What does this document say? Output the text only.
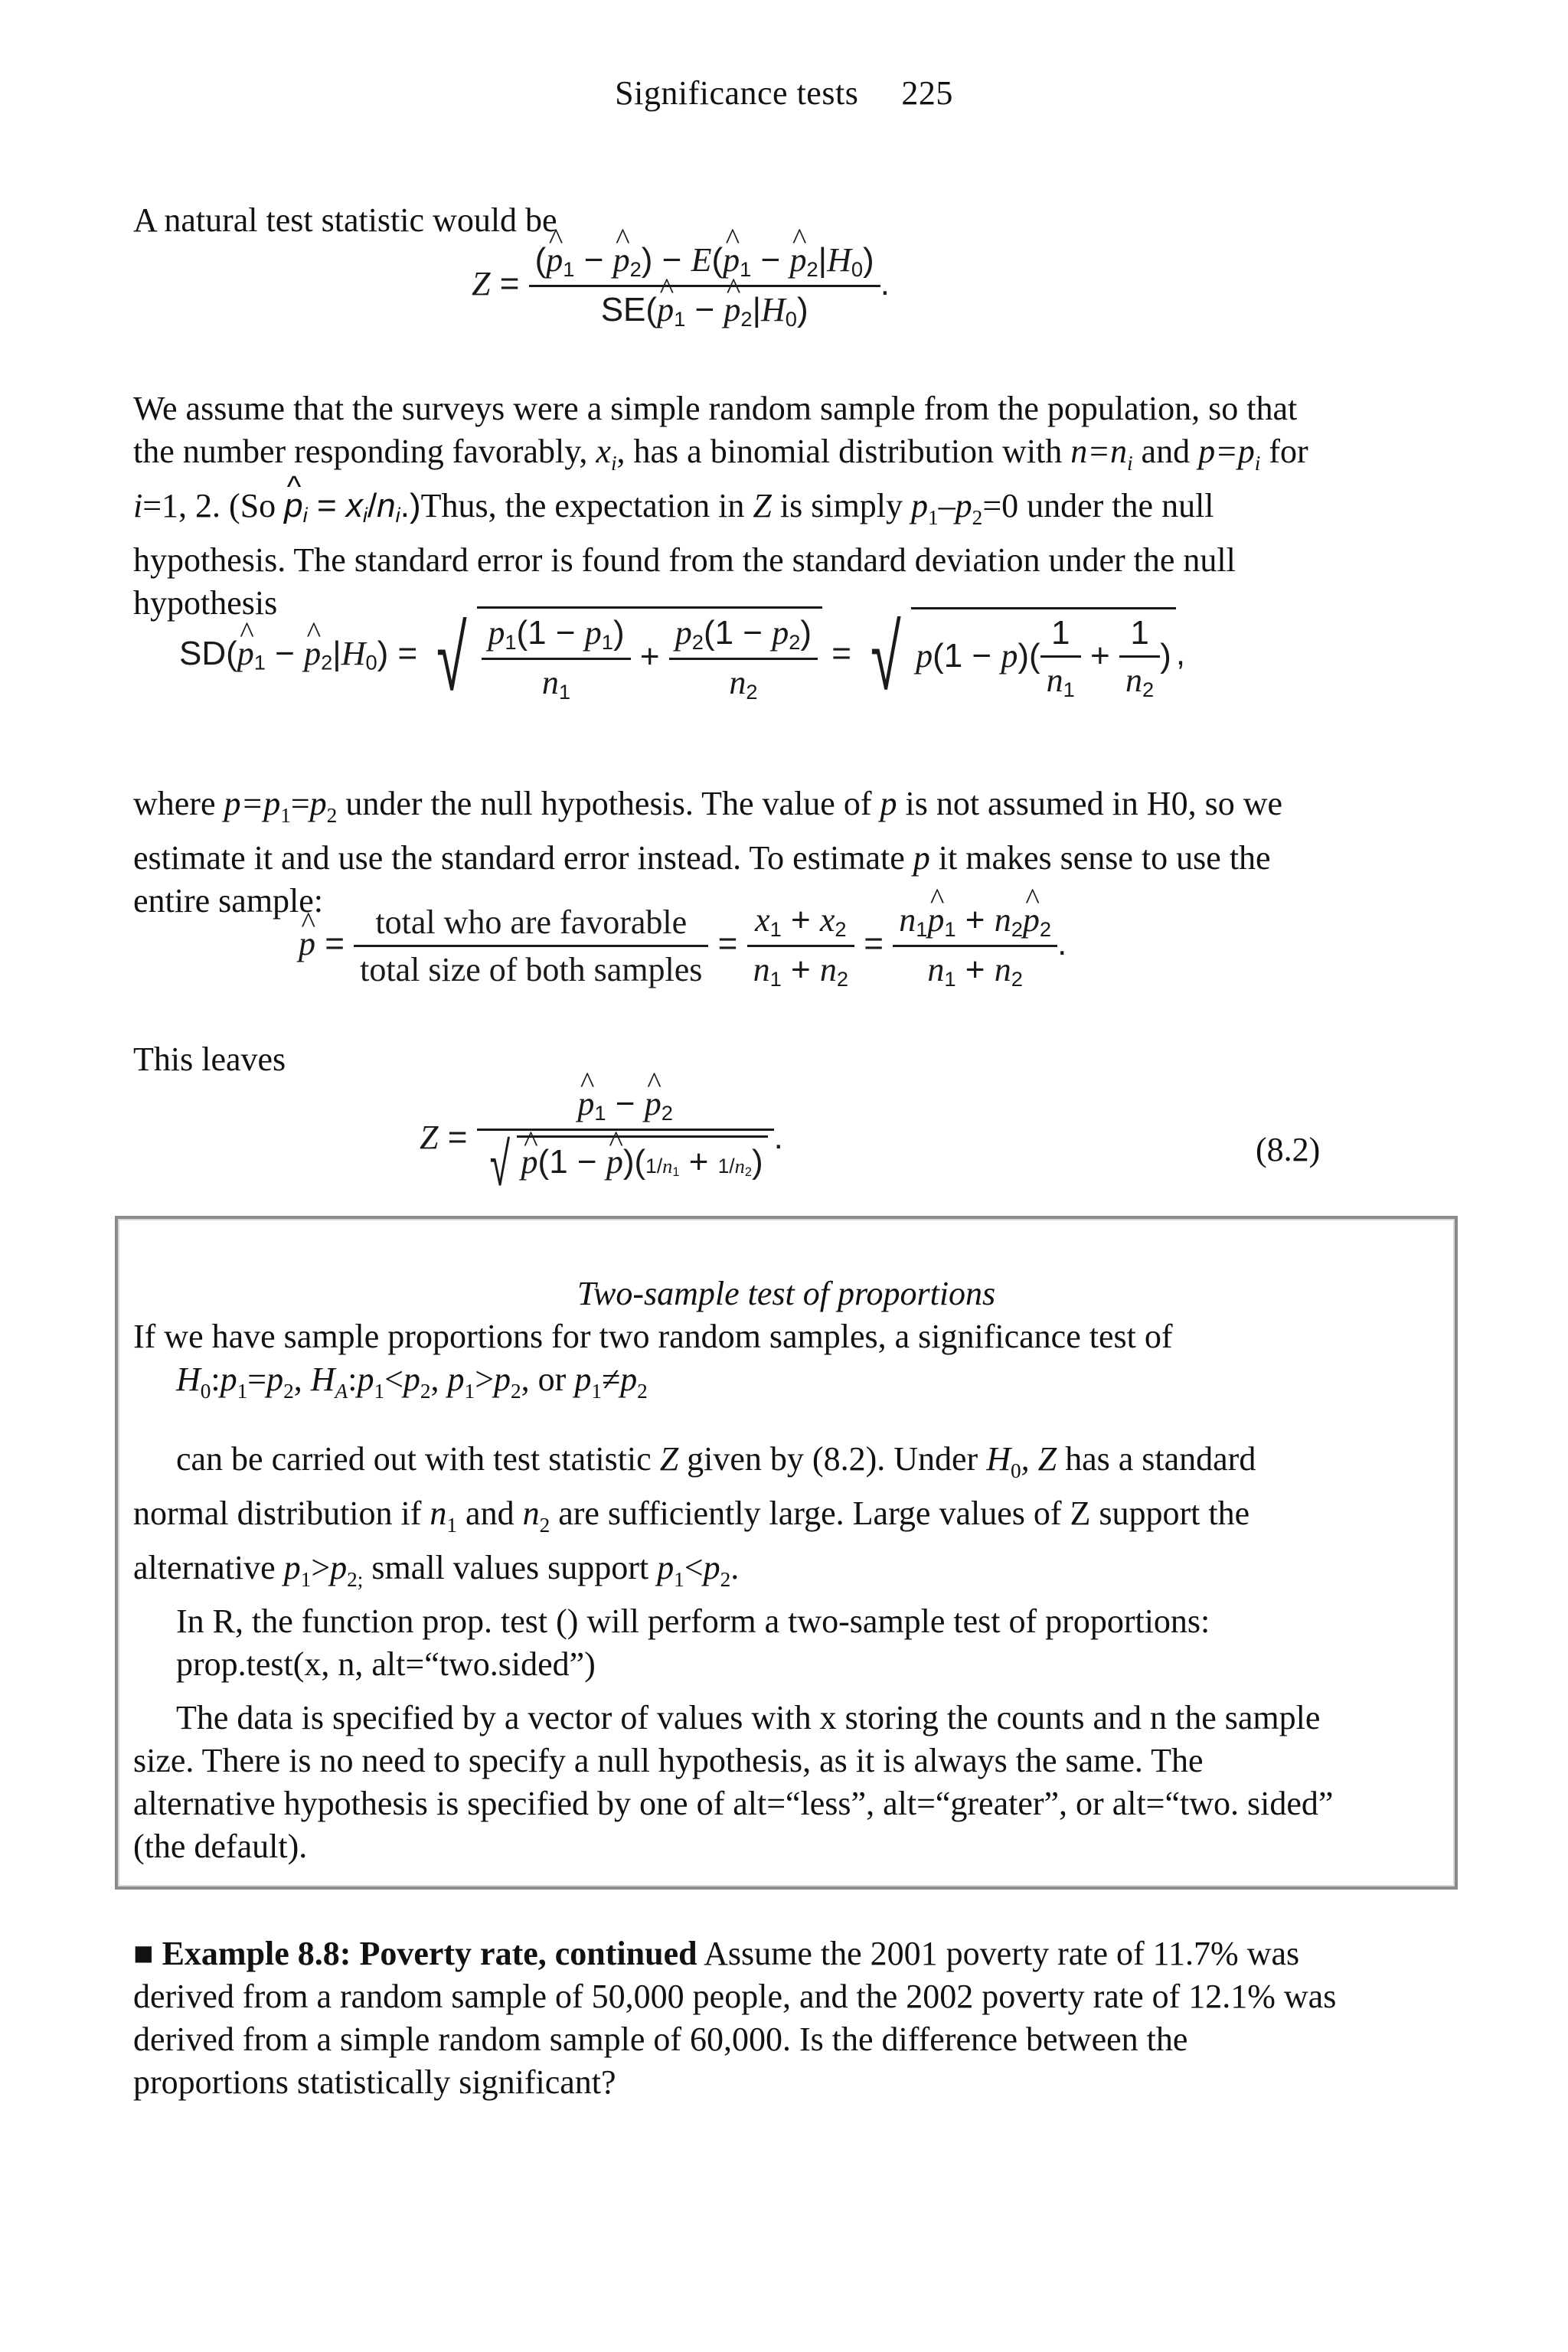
Significance tests 225
A natural test statistic would be
$Z = \frac{(\^{} p_1 - \^{} p_2) - E(\^{} p_1 - \^{} p_2|H_0)}{SE(\^{} p_1 - \^{} p_2|H_0)}$ .
We assume that the surveys were a simple random sample from the population, so that
the number responding favorably, $x_i$, has a binomial distribution with $n=n_i$ and $p=p_i$ for
i=1, 2. (So ^ $p_i$ = $x_i/n_i.)Thus$, the expectation in Z is simply $p_1-p_2=0$ under the null
hypothesis. The standard error is found from the standard deviation under the null
hypothesis
SD(^ $p_1$ − ^ $p_2|H_0$) = √ $\frac{p_1(1 - p_1)}{n_1} + \frac{p_2(1 - p_2)}{n_2}$ = √ $p(1 - p)( \frac{1}{n_1} + \frac{1}{n_2}$ ),
where $p=p_1=p_2$ under the null hypothesis. The value of p is not assumed in H0, so we
estimate it and use the standard error instead. To estimate p it makes sense to use the
entire sample:
^ $p = \frac{\text{total who are favorable}}{\text{total size of both samples}} = \frac{x_1 + x_2}{n_1 + n_2} = \frac{n_1\^{} p_1 + n_2\^{} p_2}{n_1 + n_2}$ .
This leaves
Z = ^ $\frac{p_1 - \^{} p_2}{√ \^{} p(1 - \^{} p)(1/n_1 + 1/n_2)}$ .	(8.2)
Two-sample test of proportions
If we have sample proportions for two random samples, a significance test of
$H_0:p_1=p_2$, $H_A:p_1<p_2$, $p_1>p_2$, or $p_1\ne p_2$
can be carried out with test statistic Z given by (8.2). Under $H_0$, Z has a standard
normal distribution if $n_1$ and $n_2$ are sufficiently large. Large values of Z support the
alternative $p_1>p_{2;}$ small values support $p_1<p_2$.
In R, the function prop. test () will perform a two-sample test of proportions:
prop.test(x, n, alt=“two.sided”)
The data is specified by a vector of values with x storing the counts and n the sample
size. There is no need to specify a null hypothesis, as it is always the same. The
alternative hypothesis is specified by one of alt=“less”, alt=“greater”, or alt=“two. sided”
(the default).
■ Example 8.8: Poverty rate, continued Assume the 2001 poverty rate of 11.7% was
derived from a random sample of 50,000 people, and the 2002 poverty rate of 12.1% was
derived from a simple random sample of 60,000. Is the difference between the
proportions statistically significant?
